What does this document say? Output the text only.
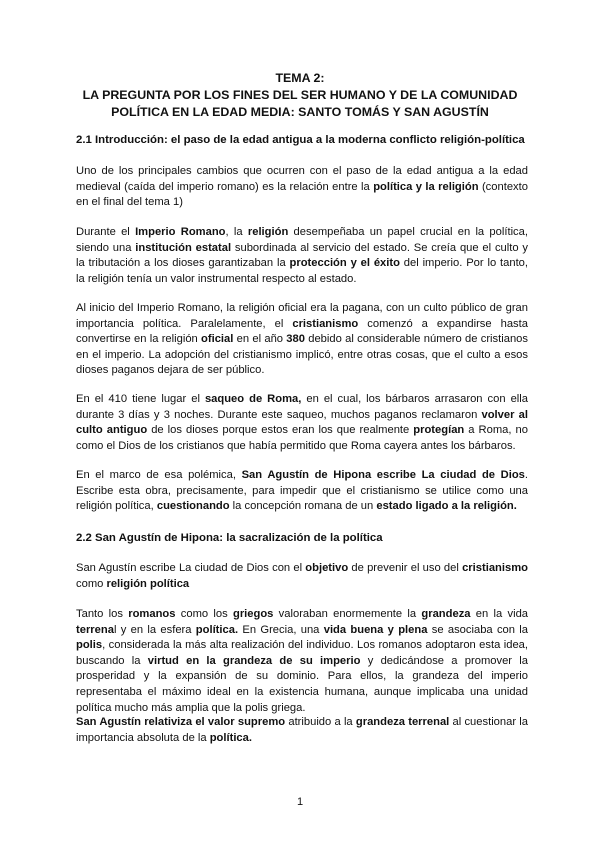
TEMA 2:
LA PREGUNTA POR LOS FINES DEL SER HUMANO Y DE LA COMUNIDAD
POLÍTICA EN LA EDAD MEDIA: SANTO TOMÁS Y SAN AGUSTÍN
2.1 Introducción: el paso de la edad antigua a la moderna conflicto religión-política
Uno de los principales cambios que ocurren con el paso de la edad antigua a la edad medieval (caída del imperio romano) es la relación entre la política y la religión (contexto en el final del tema 1)
Durante el Imperio Romano, la religión desempeñaba un papel crucial en la política, siendo una institución estatal subordinada al servicio del estado. Se creía que el culto y la tributación a los dioses garantizaban la protección y el éxito del imperio. Por lo tanto, la religión tenía un valor instrumental respecto al estado.
Al inicio del Imperio Romano, la religión oficial era la pagana, con un culto público de gran importancia política. Paralelamente, el cristianismo comenzó a expandirse hasta convertirse en la religión oficial en el año 380 debido al considerable número de cristianos en el imperio. La adopción del cristianismo implicó, entre otras cosas, que el culto a esos dioses paganos dejara de ser público.
En el 410 tiene lugar el saqueo de Roma, en el cual, los bárbaros arrasaron con ella durante 3 días y 3 noches. Durante este saqueo, muchos paganos reclamaron volver al culto antiguo de los dioses porque estos eran los que realmente protegían a Roma, no como el Dios de los cristianos que había permitido que Roma cayera antes los bárbaros.
En el marco de esa polémica, San Agustín de Hipona escribe La ciudad de Dios. Escribe esta obra, precisamente, para impedir que el cristianismo se utilice como una religión política, cuestionando la concepción romana de un estado ligado a la religión.
2.2 San Agustín de Hipona: la sacralización de la política
San Agustín escribe La ciudad de Dios con el objetivo de prevenir el uso del cristianismo como religión política
Tanto los romanos como los griegos valoraban enormemente la grandeza en la vida terrenal y en la esfera política. En Grecia, una vida buena y plena se asociaba con la polis, considerada la más alta realización del individuo. Los romanos adoptaron esta idea, buscando la virtud en la grandeza de su imperio y dedicándose a promover la prosperidad y la expansión de su dominio. Para ellos, la grandeza del imperio representaba el máximo ideal en la existencia humana, aunque implicaba una unidad política mucho más amplia que la polis griega.
San Agustín relativiza el valor supremo atribuido a la grandeza terrenal al cuestionar la importancia absoluta de la política.
1
